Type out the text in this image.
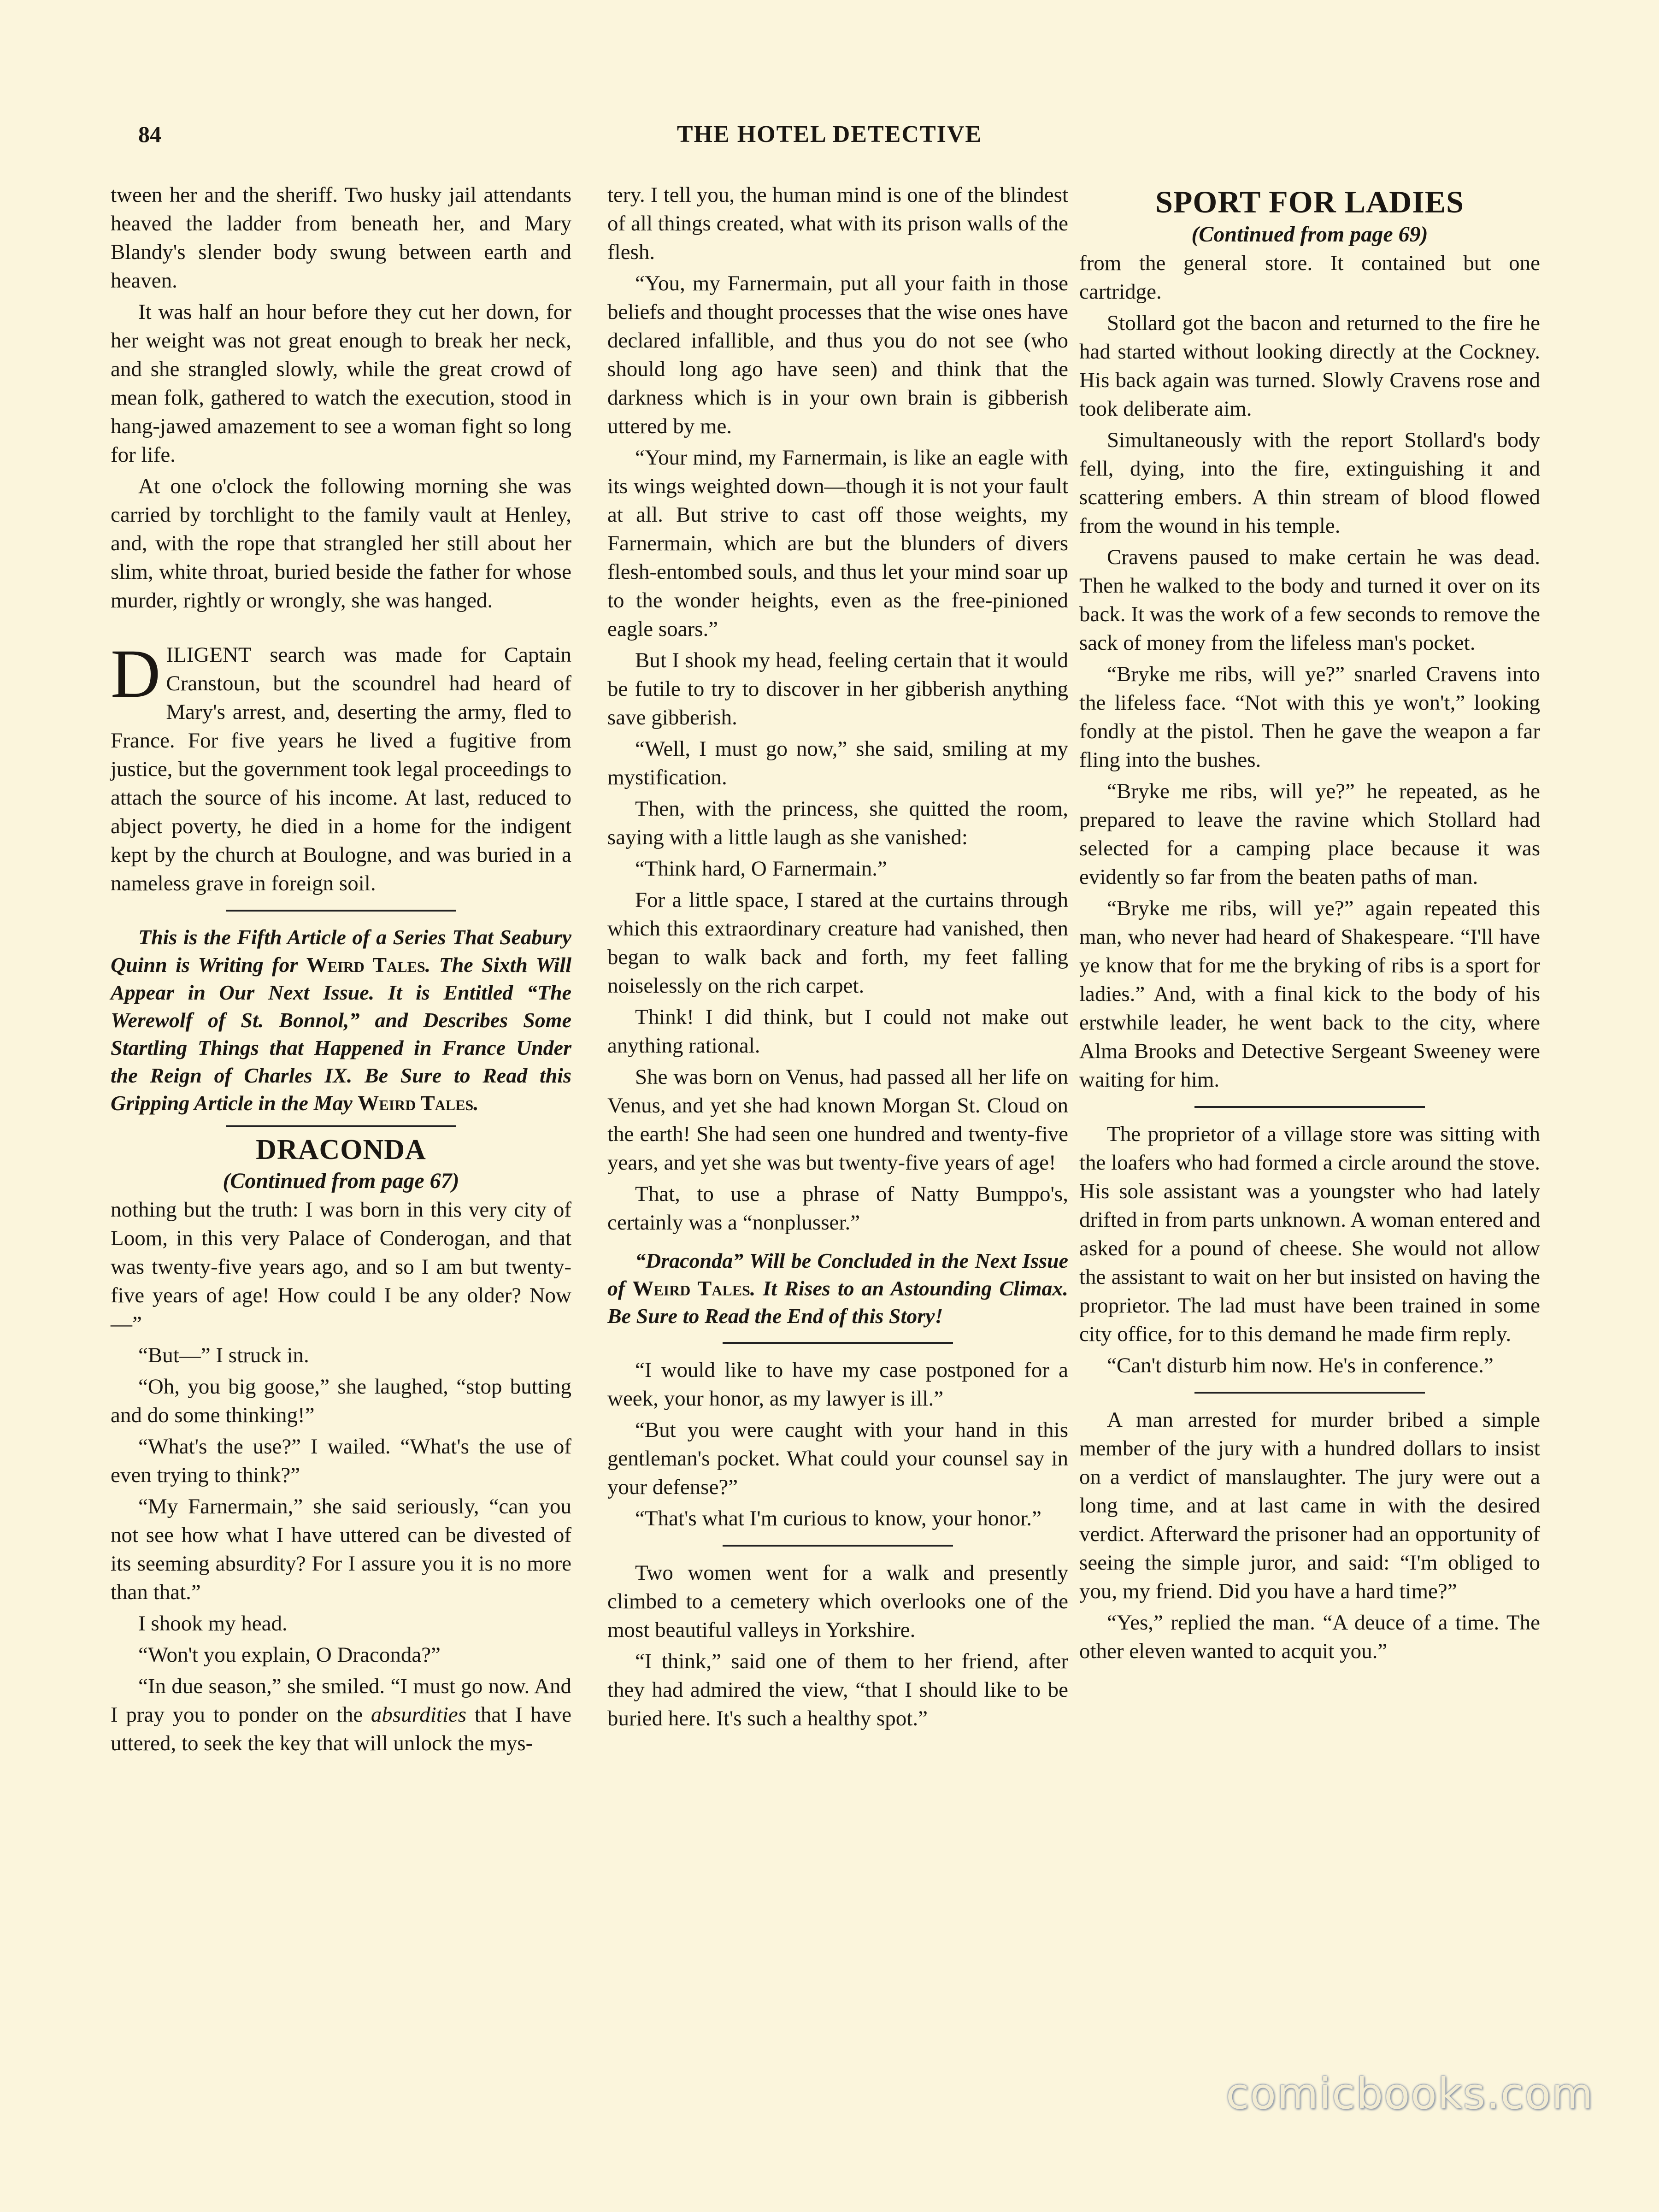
84	THE HOTEL DETECTIVE

tween her and the sheriff. Two husky jail attendants heaved the ladder from beneath her, and Mary Blandy's slender body swung between earth and heaven.

It was half an hour before they cut her down, for her weight was not great enough to break her neck, and she strangled slowly, while the great crowd of mean folk, gathered to watch the execution, stood in hang-jawed amazement to see a woman fight so long for life.

At one o'clock the following morning she was carried by torchlight to the family vault at Henley, and, with the rope that strangled her still about her slim, white throat, buried beside the father for whose murder, rightly or wrongly, she was hanged.

DILIGENT search was made for Captain Cranstoun, but the scoundrel had heard of Mary's arrest, and, deserting the army, fled to France. For five years he lived a fugitive from justice, but the government took legal proceedings to attach the source of his income. At last, reduced to abject poverty, he died in a home for the indigent kept by the church at Boulogne, and was buried in a nameless grave in foreign soil.

This is the Fifth Article of a Series That Seabury Quinn is Writing for Weird Tales. The Sixth Will Appear in Our Next Issue. It is Entitled “The Werewolf of St. Bonnol,” and Describes Some Startling Things that Happened in France Under the Reign of Charles IX. Be Sure to Read this Gripping Article in the May Weird Tales.

DRACONDA
(Continued from page 67)

nothing but the truth: I was born in this very city of Loom, in this very Palace of Conderogan, and that was twenty-five years ago, and so I am but twenty-five years of age! How could I be any older? Now—”

“But—” I struck in.

“Oh, you big goose,” she laughed, “stop butting and do some thinking!”

“What's the use?” I wailed. “What's the use of even trying to think?”

“My Farnermain,” she said seriously, “can you not see how what I have uttered can be divested of its seeming absurdity? For I assure you it is no more than that.”

I shook my head.

“Won't you explain, O Draconda?”

“In due season,” she smiled. “I must go now. And I pray you to ponder on the absurdities that I have uttered, to seek the key that will unlock the mys-

tery. I tell you, the human mind is one of the blindest of all things created, what with its prison walls of the flesh.

“You, my Farnermain, put all your faith in those beliefs and thought processes that the wise ones have declared infallible, and thus you do not see (who should long ago have seen) and think that the darkness which is in your own brain is gibberish uttered by me.

“Your mind, my Farnermain, is like an eagle with its wings weighted down—though it is not your fault at all. But strive to cast off those weights, my Farnermain, which are but the blunders of divers flesh-entombed souls, and thus let your mind soar up to the wonder heights, even as the free-pinioned eagle soars.”

But I shook my head, feeling certain that it would be futile to try to discover in her gibberish anything save gibberish.

“Well, I must go now,” she said, smiling at my mystification.

Then, with the princess, she quitted the room, saying with a little laugh as she vanished:

“Think hard, O Farnermain.”

For a little space, I stared at the curtains through which this extraordinary creature had vanished, then began to walk back and forth, my feet falling noiselessly on the rich carpet.

Think! I did think, but I could not make out anything rational.

She was born on Venus, had passed all her life on Venus, and yet she had known Morgan St. Cloud on the earth! She had seen one hundred and twenty-five years, and yet she was but twenty-five years of age!

That, to use a phrase of Natty Bumppo's, certainly was a “nonplusser.”

“Draconda” Will be Concluded in the Next Issue of Weird Tales. It Rises to an Astounding Climax. Be Sure to Read the End of this Story!

“I would like to have my case postponed for a week, your honor, as my lawyer is ill.”

“But you were caught with your hand in this gentleman's pocket. What could your counsel say in your defense?”

“That's what I'm curious to know, your honor.”

Two women went for a walk and presently climbed to a cemetery which overlooks one of the most beautiful valleys in Yorkshire.

“I think,” said one of them to her friend, after they had admired the view, “that I should like to be buried here. It's such a healthy spot.”

SPORT FOR LADIES
(Continued from page 69)

from the general store. It contained but one cartridge.

Stollard got the bacon and returned to the fire he had started without looking directly at the Cockney. His back again was turned. Slowly Cravens rose and took deliberate aim.

Simultaneously with the report Stollard's body fell, dying, into the fire, extinguishing it and scattering embers. A thin stream of blood flowed from the wound in his temple.

Cravens paused to make certain he was dead. Then he walked to the body and turned it over on its back. It was the work of a few seconds to remove the sack of money from the lifeless man's pocket.

“Bryke me ribs, will ye?” snarled Cravens into the lifeless face. “Not with this ye won't,” looking fondly at the pistol. Then he gave the weapon a far fling into the bushes.

“Bryke me ribs, will ye?” he repeated, as he prepared to leave the ravine which Stollard had selected for a camping place because it was evidently so far from the beaten paths of man.

“Bryke me ribs, will ye?” again repeated this man, who never had heard of Shakespeare. “I'll have ye know that for me the bryking of ribs is a sport for ladies.” And, with a final kick to the body of his erstwhile leader, he went back to the city, where Alma Brooks and Detective Sergeant Sweeney were waiting for him.

The proprietor of a village store was sitting with the loafers who had formed a circle around the stove. His sole assistant was a youngster who had lately drifted in from parts unknown. A woman entered and asked for a pound of cheese. She would not allow the assistant to wait on her but insisted on having the proprietor. The lad must have been trained in some city office, for to this demand he made firm reply.

“Can't disturb him now. He's in conference.”

A man arrested for murder bribed a simple member of the jury with a hundred dollars to insist on a verdict of manslaughter. The jury were out a long time, and at last came in with the desired verdict. Afterward the prisoner had an opportunity of seeing the simple juror, and said: “I'm obliged to you, my friend. Did you have a hard time?”

“Yes,” replied the man. “A deuce of a time. The other eleven wanted to acquit you.”

comicbooks.com
